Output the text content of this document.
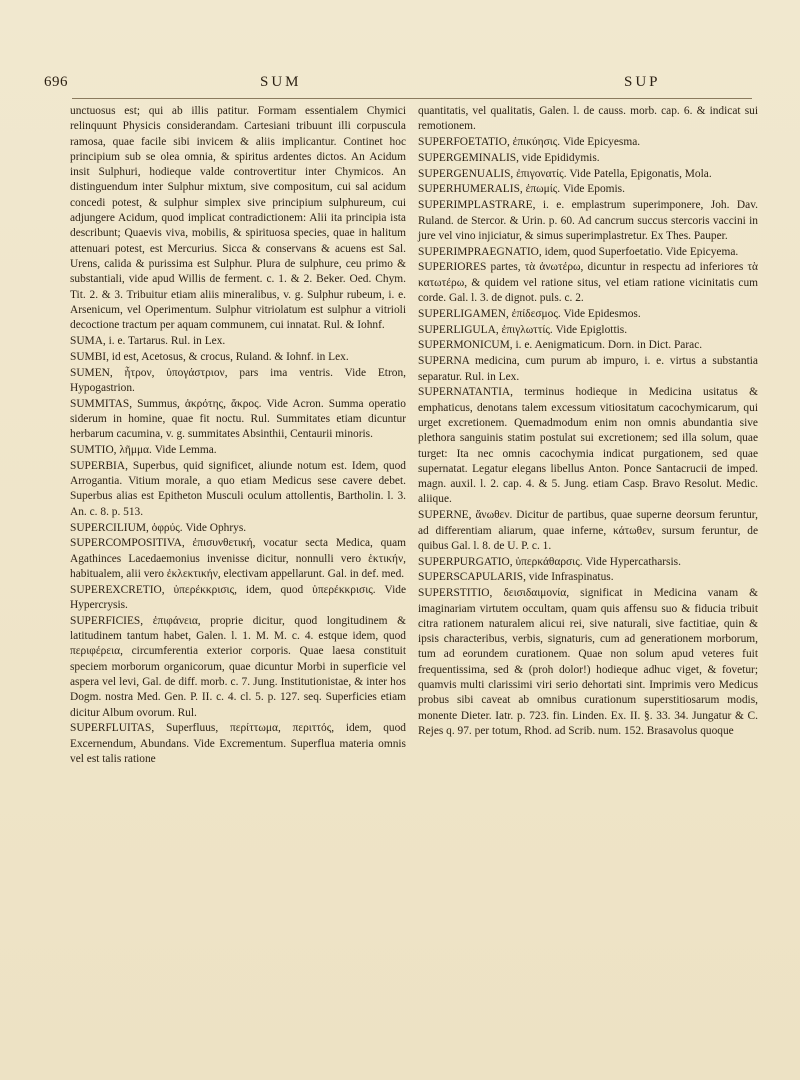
696	SUM	SUP

unctuosus est; qui ab illis patitur. Formam essentialem Chymici relinquunt Physicis considerandam. Cartesiani tribuunt illi corpuscula ramosa, quae facile sibi invicem & aliis implicantur. Continet hoc principium sub se olea omnia, & spiritus ardentes dictos. An Acidum insit Sulphuri, hodieque valde controvertitur inter Chymicos. An distinguendum inter Sulphur mixtum, sive compositum, cui sal acidum concedi potest, & sulphur simplex sive principium sulphureum, cui adjungere Acidum, quod implicat contradictionem: Alii ita principia ista describunt; Quaevis viva, mobilis, & spirituosa species, quae in halitum attenuari potest, est Mercurius. Sicca & conservans & acuens est Sal. Urens, calida & purissima est Sulphur. Plura de sulphure, ceu primo & substantiali, vide apud Willis de ferment. c. 1. & 2. Beker. Oed. Chym. Tit. 2. & 3. Tribuitur etiam aliis mineralibus, v. g. Sulphur rubeum, i. e. Arsenicum, vel Operimentum. Sulphur vitriolatum est sulphur a vitrioli decoctione tractum per aquam communem, cui innatat. Rul. & Iohnf.

SUMA, i. e. Tartarus. Rul. in Lex.

SUMBI, id est, Acetosus, & crocus, Ruland. & Iohnf. in Lex.

SUMEN, ἦτρον, ὑπογάστριον, pars ima ventris. Vide Etron, Hypogastrion.

SUMMITAS, Summus, ἀκρότης, ἄκρος. Vide Acron. Summa operatio siderum in homine, quae fit noctu. Rul. Summitates etiam dicuntur herbarum cacumina, v. g. summitates Absinthii, Centaurii minoris.

SUMTIO, λῆμμα. Vide Lemma.

SUPERBIA, Superbus, quid significet, aliunde notum est. Idem, quod Arrogantia. Vitium morale, a quo etiam Medicus sese cavere debet. Superbus alias est Epitheton Musculi oculum attollentis, Bartholin. l. 3. An. c. 8. p. 513.

SUPERCILIUM, ὀφρύς. Vide Ophrys.

SUPERCOMPOSITIVA, ἐπισυνθετική, vocatur secta Medica, quam Agathinces Lacedaemonius invenisse dicitur, nonnulli vero ἑκτικήν, habitualem, alii vero ἐκλεκτικήν, electivam appellarunt. Gal. in def. med.

SUPEREXCRETIO, ὑπερέκκρισις, idem, quod ὑπερέκκρισις. Vide Hypercrysis.

SUPERFICIES, ἐπιφάνεια, proprie dicitur, quod longitudinem & latitudinem tantum habet, Galen. l. 1. M. M. c. 4. estque idem, quod περιφέρεια, circumferentia exterior corporis. Quae laesa constituit speciem morborum organicorum, quae dicuntur Morbi in superficie vel aspera vel levi, Gal. de diff. morb. c. 7. Jung. Institutionistae, & inter hos Dogm. nostra Med. Gen. P. II. c. 4. cl. 5. p. 127. seq. Superficies etiam dicitur Album ovorum. Rul.

SUPERFLUITAS, Superfluus, περίττωμα, περιττός, idem, quod Excernendum, Abundans. Vide Excrementum. Superflua materia omnis vel est talis ratione

quantitatis, vel qualitatis, Galen. l. de causs. morb. cap. 6. & indicat sui remotionem.

SUPERFOETATIO, ἐπικύησις. Vide Epicyesma.

SUPERGEMINALIS, vide Epididymis.

SUPERGENUALIS, ἐπιγονατίς. Vide Patella, Epigonatis, Mola.

SUPERHUMERALIS, ἐπωμίς. Vide Epomis.

SUPERIMPLASTRARE, i. e. emplastrum superimponere, Joh. Dav. Ruland. de Stercor. & Urin. p. 60. Ad cancrum succus stercoris vaccini in jure vel vino injiciatur, & simus superimplastretur. Ex Thes. Pauper.

SUPERIMPRAEGNATIO, idem, quod Superfoetatio. Vide Epicyema.

SUPERIORES partes, τὰ ἀνωτέρω, dicuntur in respectu ad inferiores τὰ κατωτέρω, & quidem vel ratione situs, vel etiam ratione vicinitatis cum corde. Gal. l. 3. de dignot. puls. c. 2.

SUPERLIGAMEN, ἐπίδεσμος. Vide Epidesmos.

SUPERLIGULA, ἐπιγλωττίς. Vide Epiglottis.

SUPERMONICUM, i. e. Aenigmaticum. Dorn. in Dict. Parac.

SUPERNA medicina, cum purum ab impuro, i. e. virtus a substantia separatur. Rul. in Lex.

SUPERNATANTIA, terminus hodieque in Medicina usitatus & emphaticus, denotans talem excessum vitiositatum cacochymicarum, qui urget excretionem. Quemadmodum enim non omnis abundantia sive plethora sanguinis statim postulat sui excretionem; sed illa solum, quae turget: Ita nec omnis cacochymia indicat purgationem, sed quae supernatat. Legatur elegans libellus Anton. Ponce Santacrucii de imped. magn. auxil. l. 2. cap. 4. & 5. Jung. etiam Casp. Bravo Resolut. Medic. aliique.

SUPERNE, ἄνωθεν. Dicitur de partibus, quae superne deorsum feruntur, ad differentiam aliarum, quae inferne, κάτωθεν, sursum feruntur, de quibus Gal. l. 8. de U. P. c. 1.

SUPERPURGATIO, ὑπερκάθαρσις. Vide Hypercatharsis.

SUPERSCAPULARIS, vide Infraspinatus.

SUPERSTITIO, δεισιδαιμονία, significat in Medicina vanam & imaginariam virtutem occultam, quam quis affensu suo & fiducia tribuit citra rationem naturalem alicui rei, sive naturali, sive factitiae, quin & ipsis characteribus, verbis, signaturis, cum ad generationem morborum, tum ad eorundem curationem. Quae non solum apud veteres fuit frequentissima, sed & (proh dolor!) hodieque adhuc viget, & fovetur; quamvis multi clarissimi viri serio dehortati sint. Imprimis vero Medicus probus sibi caveat ab omnibus curationum superstitiosarum modis, monente Dieter. Iatr. p. 723. fin. Linden. Ex. II. §. 33. 34. Jungatur & C. Rejes q. 97. per totum, Rhod. ad Scrib. num. 152. Brasavolus quoque
